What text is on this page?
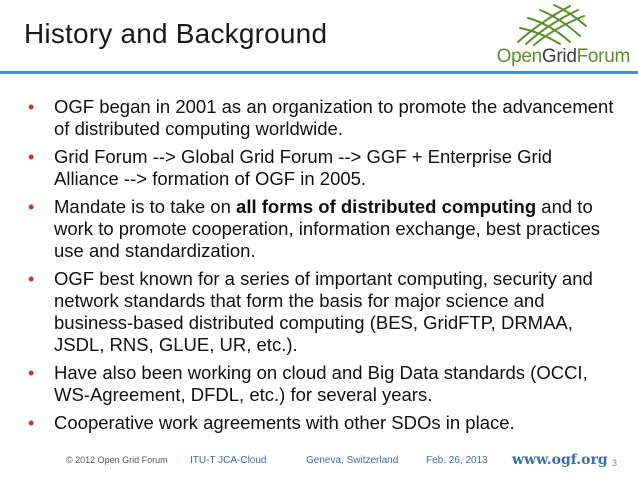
History and Background
OpenGridForum
• OGF began in 2001 as an organization to promote the advancement of distributed computing worldwide.
• Grid Forum --> Global Grid Forum --> GGF + Enterprise Grid Alliance --> formation of OGF in 2005.
• Mandate is to take on all forms of distributed computing and to work to promote cooperation, information exchange, best practices use and standardization.
• OGF best known for a series of important computing, security and network standards that form the basis for major science and business-based distributed computing (BES, GridFTP, DRMAA, JSDL, RNS, GLUE, UR, etc.).
• Have also been working on cloud and Big Data standards (OCCI, WS-Agreement, DFDL, etc.) for several years.
• Cooperative work agreements with other SDOs in place.
© 2012 Open Grid Forum ITU-T JCA-Cloud	Geneva, Switzerland	Feb. 26, 2013 www.ogf.org 3
